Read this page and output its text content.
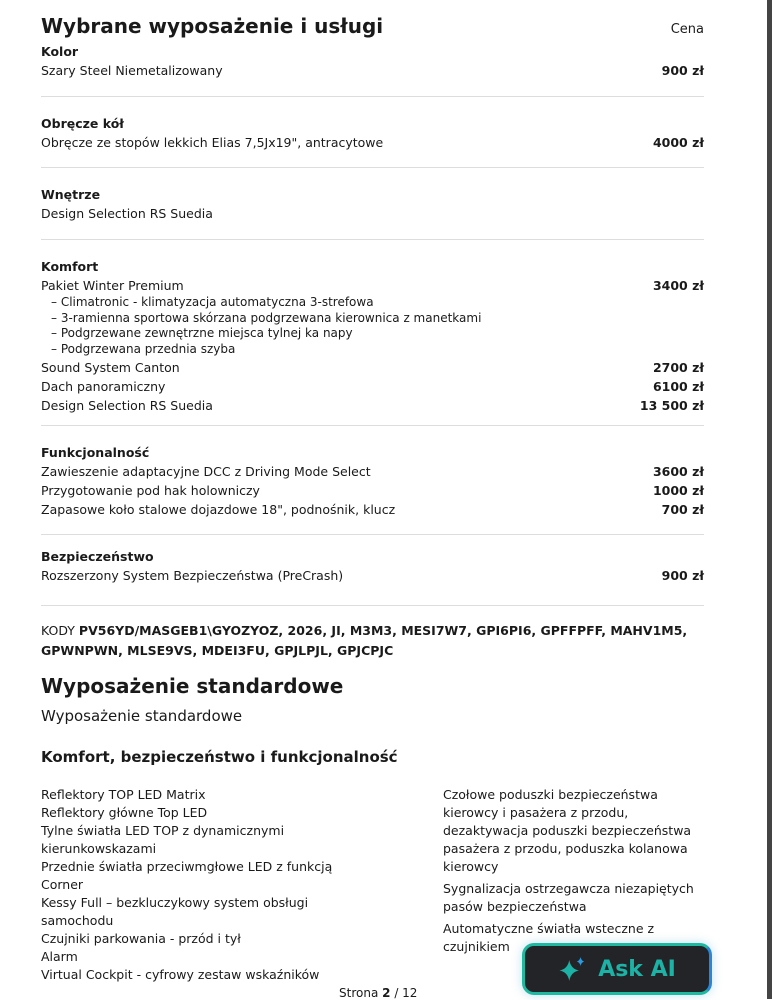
Wybrane wyposażenie i usługi	Cena
Kolor
Szary Steel Niemetalizowany	900 zł
Obręcze kół
Obręcze ze stopów lekkich Elias 7,5Jx19", antracytowe	4000 zł
Wnętrze
Design Selection RS Suedia
Komfort
Pakiet Winter Premium	3400 zł
– Climatronic - klimatyzacja automatyczna 3-strefowa
– 3-ramienna sportowa skórzana podgrzewana kierownica z manetkami
– Podgrzewane zewnętrzne miejsca tylnej ka napy
– Podgrzewana przednia szyba
Sound System Canton	2700 zł
Dach panoramiczny	6100 zł
Design Selection RS Suedia	13 500 zł
Funkcjonalność
Zawieszenie adaptacyjne DCC z Driving Mode Select	3600 zł
Przygotowanie pod hak holowniczy	1000 zł
Zapasowe koło stalowe dojazdowe 18", podnośnik, klucz	700 zł
Bezpieczeństwo
Rozszerzony System Bezpieczeństwa (PreCrash)	900 zł
KODY PV56YD/MASGEB1\GYOZYOZ, 2026, JI, M3M3, MESI7W7, GPI6PI6, GPFFPFF, MAHV1M5, GPWNPWN, MLSE9VS, MDEI3FU, GPJLPJL, GPJCPJC
Wyposażenie standardowe
Wyposażenie standardowe
Komfort, bezpieczeństwo i funkcjonalność

Reflektory TOP LED Matrix

Reflektory główne Top LED

Tylne światła LED TOP z dynamicznymi kierunkowskazami

Przednie światła przeciwmgłowe LED z funkcją Corner

Kessy Full – bezkluczykowy system obsługi samochodu

Czujniki parkowania - przód i tył

Alarm

Virtual Cockpit - cyfrowy zestaw wskaźników

Czołowe poduszki bezpieczeństwa kierowcy i pasażera z przodu, dezaktywacja poduszki bezpieczeństwa pasażera z przodu, poduszka kolanowa kierowcy

Sygnalizacja ostrzegawcza niezapiętych pasów bezpieczeństwa

Automatyczne światła wsteczne z czujnikiem

Strona 2 / 12
Ask AI
